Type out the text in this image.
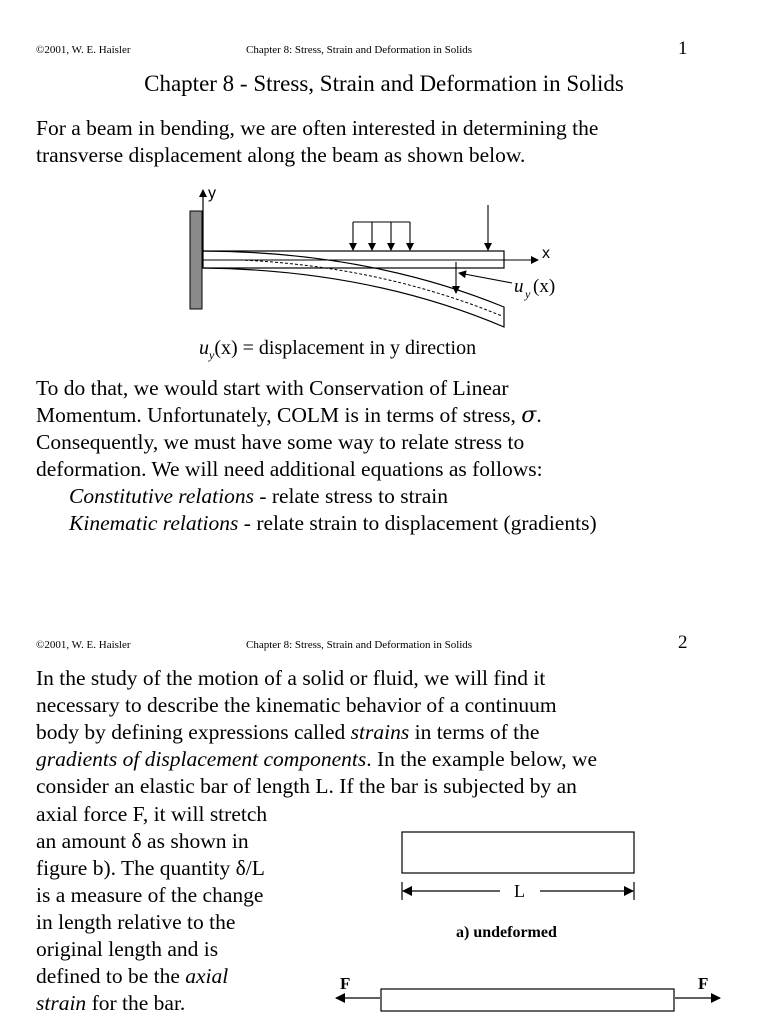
©2001, W. E. Haisler	Chapter 8: Stress, Strain and Deformation in Solids	1
Chapter 8 - Stress, Strain and Deformation in Solids
For a beam in bending, we are often interested in determining the
transverse displacement along the beam as shown below.
y
x
u y (x)
$u_y(x)$ = displacement in y direction
To do that, we would start with Conservation of Linear
Momentum. Unfortunately, COLM is in terms of stress, σ.
Consequently, we must have some way to relate stress to
deformation. We will need additional equations as follows:
Constitutive relations - relate stress to strain
Kinematic relations - relate strain to displacement (gradients)
©2001, W. E. Haisler	Chapter 8: Stress, Strain and Deformation in Solids	2
In the study of the motion of a solid or fluid, we will find it
necessary to describe the kinematic behavior of a continuum
body by defining expressions called strains in terms of the
gradients of displacement components. In the example below, we
consider an elastic bar of length L. If the bar is subjected by an
axial force F, it will stretch
an amount δ as shown in
figure b). The quantity δ/L
is a measure of the change
in length relative to the
original length and is
defined to be the axial
strain for the bar.
L
a) undeformed
F	F
